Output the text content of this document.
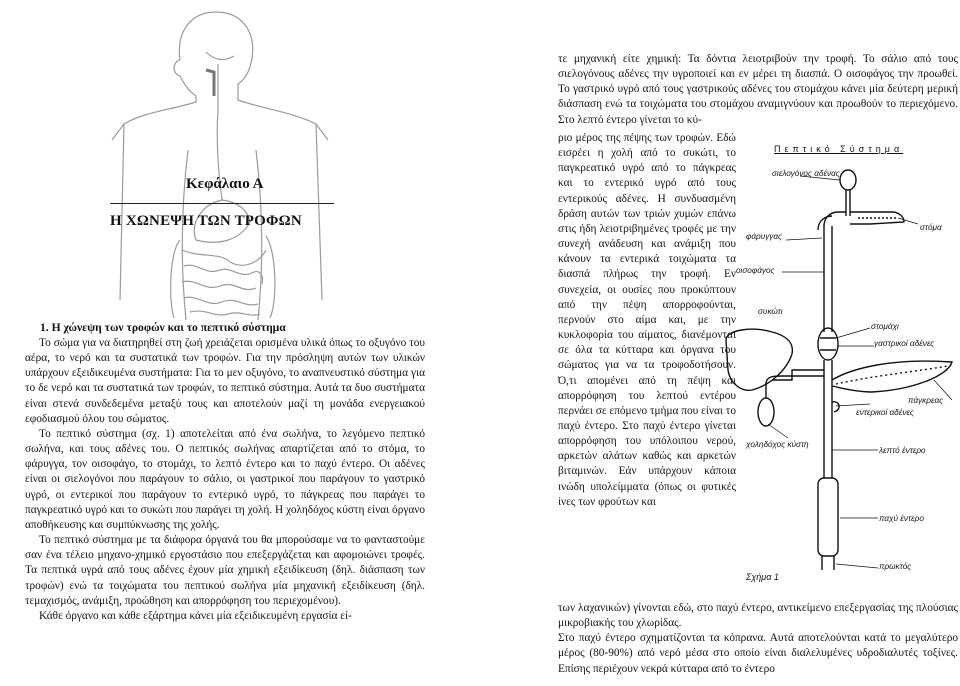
Κεφάλαιο Α
Η ΧΩΝΕΨΗ ΤΩΝ ΤΡΟΦΩΝ
1. Η χώνεψη των τροφών και το πεπτικό σύστημα

Το σώμα για να διατηρηθεί στη ζωή χρειάζεται ορισμένα υλικά όπως το οξυγόνο του αέρα, το νερό και τα συστατικά των τροφών. Για την πρόσληψη αυτών των υλικών υπάρχουν εξειδικευμένα συστήματα: Για το μεν οξυγόνο, το αναπνευστικό σύστημα για το δε νερό και τα συστατικά των τροφών, το πεπτικό σύστημα. Αυτά τα δυο συστήματα είναι στενά συνδεδεμένα μεταξύ τους και αποτελούν μαζί τη μονάδα ενεργειακού εφοδιασμού όλου του σώματος.

Το πεπτικό σύστημα (σχ. 1) αποτελείται από ένα σωλήνα, το λεγόμενο πεπτικό σωλήνα, και τους αδένες του. Ο πεπτικός σωλήνας απαρτίζεται από το στόμα, το φάρυγγα, τον οισοφάγο, το στομάχι, το λεπτό έντερο και το παχύ έντερο. Οι αδένες είναι οι σιελογόνοι που παράγουν το σάλιο, οι γαστρικοί που παράγουν το γαστρικό υγρό, οι εντερικοί που παράγουν το εντερικό υγρό, το πάγκρεας που παράγει το παγκρεατικό υγρό και το συκώτι που παράγει τη χολή. Η χοληδόχος κύστη είναι όργανο αποθήκευσης και συμπύκνωσης της χολής.

Το πεπτικό σύστημα με τα διάφορα όργανά του θα μπορούσαμε να το φανταστούμε σαν ένα τέλειο μηχανο-χημικό εργοστάσιο που επεξεργάζεται και αφομοιώνει τροφές. Τα πεπτικά υγρά από τους αδένες έχουν μία χημική εξειδίκευση (δηλ. διάσπαση των τροφών) ενώ τα τοιχώματα του πεπτικού σωλήνα μία μηχανική εξειδίκευση (δηλ. τεμαχισμός, ανάμιξη, προώθηση και απορρόφηση του περιεχομένου).

Κάθε όργανο και κάθε εξάρτημα κάνει μία εξειδικευμένη εργασία εί-

τε μηχανική είτε χημική: Τα δόντια λειοτριβούν την τροφή. Το σάλιο από τους σιελογόνους αδένες την υγροποιεί και εν μέρει τη διασπά. Ο οισοφάγος την προωθεί. Το γαστρικό υγρό από τους γαστρικούς αδένες του στομάχου κάνει μία δεύτερη μερική διάσπαση ενώ τα τοιχώματα του στομάχου αναμιγνύουν και προωθούν το περιεχόμενο. Στο λεπτό έντερο γίνεται το κύ-

ριο μέρος της πέψης των τροφών. Εδώ εισρέει η χολή από το συκώτι, το παγκρεατικό υγρό από το πάγκρεας και το εντερικό υγρό από τους εντερικούς αδένες. Η συνδυασμένη δράση αυτών των τριών χυμών επάνω στις ήδη λειοτριβημένες τροφές με την συνεχή ανάδευση και ανάμιξη που κάνουν τα εντερικά τοιχώματα τα διασπά πλήρως την τροφή. Εν συνεχεία, οι ουσίες που προκύπτουν από την πέψη απορροφούνται, περνούν στο αίμα και, με την κυκλοφορία του αίματος, διανέμονται σε όλα τα κύτταρα και όργανα του σώματος για να τα τροφοδοτήσουν. Ό,τι απομένει από τη πέψη και απορρόφηση του λεπτού εντέρου περνάει σε επόμενο τμήμα που είναι το παχύ έντερο. Στο παχύ έντερο γίνεται απορρόφηση του υπόλοιπου νερού, αρκετών αλάτων καθώς και αρκετών βιταμινών. Εάν υπάρχουν κάποια ινώδη υπολείμματα (όπως οι φυτικές ίνες των φρούτων και

Πεπτικό Σύστημα
σιελογόνος αδένας
στόμα
φάρυγγας
οισοφάγος
συκώτι
στομάχι
γαστρικοί αδένες
πάγκρεας
εντερικοί αδένες
χοληδόχος κύστη
λεπτό έντερο
παχύ έντερο
πρωκτός
Σχήμα 1

των λαχανικών) γίνονται εδώ, στο παχύ έντερο, αντικείμενο επεξεργασίας της πλούσιας μικροβιακής του χλωρίδας.

Στο παχύ έντερο σχηματίζονται τα κόπρανα. Αυτά αποτελούνται κατά το μεγαλύτερο μέρος (80-90%) από νερό μέσα στο οποίο είναι διαλελυμένες υδροδιαλυτές τοξίνες. Επίσης περιέχουν νεκρά κύτταρα από το έντερο
